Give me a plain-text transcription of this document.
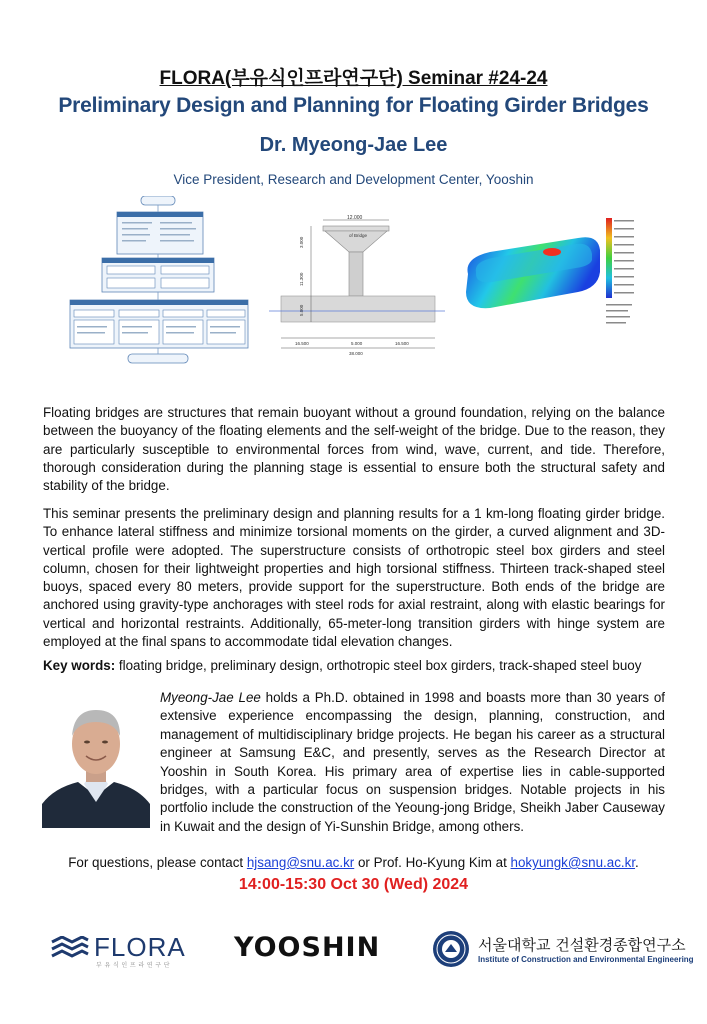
FLORA(부유식인프라연구단) Seminar #24-24
Preliminary Design and Planning for Floating Girder Bridges
Dr. Myeong-Jae Lee
Vice President, Research and Development Center, Yooshin
12.000
of Bridge
16.500	5.000	16.500
38.000
11.300
5.000
3.000
Floating bridges are structures that remain buoyant without a ground foundation, relying on the balance between the buoyancy of the floating elements and the self-weight of the bridge. Due to the reason, they are particularly susceptible to environmental forces from wind, wave, current, and tide. Therefore, thorough consideration during the planning stage is essential to ensure both the structural safety and stability of the bridge.
This seminar presents the preliminary design and planning results for a 1 km-long floating girder bridge. To enhance lateral stiffness and minimize torsional moments on the girder, a curved alignment and 3D-vertical profile were adopted. The superstructure consists of orthotropic steel box girders and steel column, chosen for their lightweight properties and high torsional stiffness. Thirteen track-shaped steel buoys, spaced every 80 meters, provide support for the superstructure. Both ends of the bridge are anchored using gravity-type anchorages with steel rods for axial restraint, along with elastic bearings for vertical and horizontal restraints. Additionally, 65-meter-long transition girders with hinge system are employed at the final spans to accommodate tidal elevation changes.
Key words: floating bridge, preliminary design, orthotropic steel box girders, track-shaped steel buoy
Myeong-Jae Lee holds a Ph.D. obtained in 1998 and boasts more than 30 years of extensive experience encompassing the design, planning, construction, and management of multidisciplinary bridge projects. He began his career as a structural engineer at Samsung E&C, and presently, serves as the Research Director at Yooshin in South Korea. His primary area of expertise lies in cable-supported bridges, with a particular focus on suspension bridges. Notable projects in his portfolio include the construction of the Yeoung-jong Bridge, Sheikh Jaber Causeway in Kuwait and the design of Yi-Sunshin Bridge, among others.
For questions, please contact hjsang@snu.ac.kr or Prof. Ho-Kyung Kim at hokyungk@snu.ac.kr.
14:00-15:30 Oct 30 (Wed) 2024
FLORA
부 유 식 인 프 라 연 구 단
YOOSHIN	서울대학교 건설환경종합연구소
Institute of Construction and Environmental Engineering
